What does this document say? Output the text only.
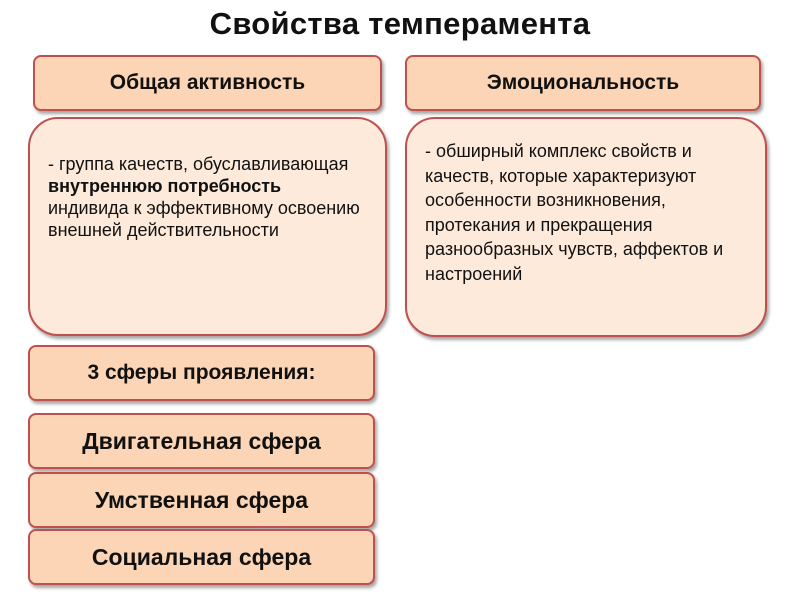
Свойства темперамента
Общая активность
- группа качеств, обуславливающая внутреннюю потребность индивида к эффективному освоению внешней действительности
3 сферы проявления:
Двигательная сфера
Умственная сфера
Социальная сфера
Эмоциональность
- обширный комплекс свойств и качеств, которые характеризуют особенности возникновения, протекания и прекращения разнообразных чувств, аффектов и настроений
